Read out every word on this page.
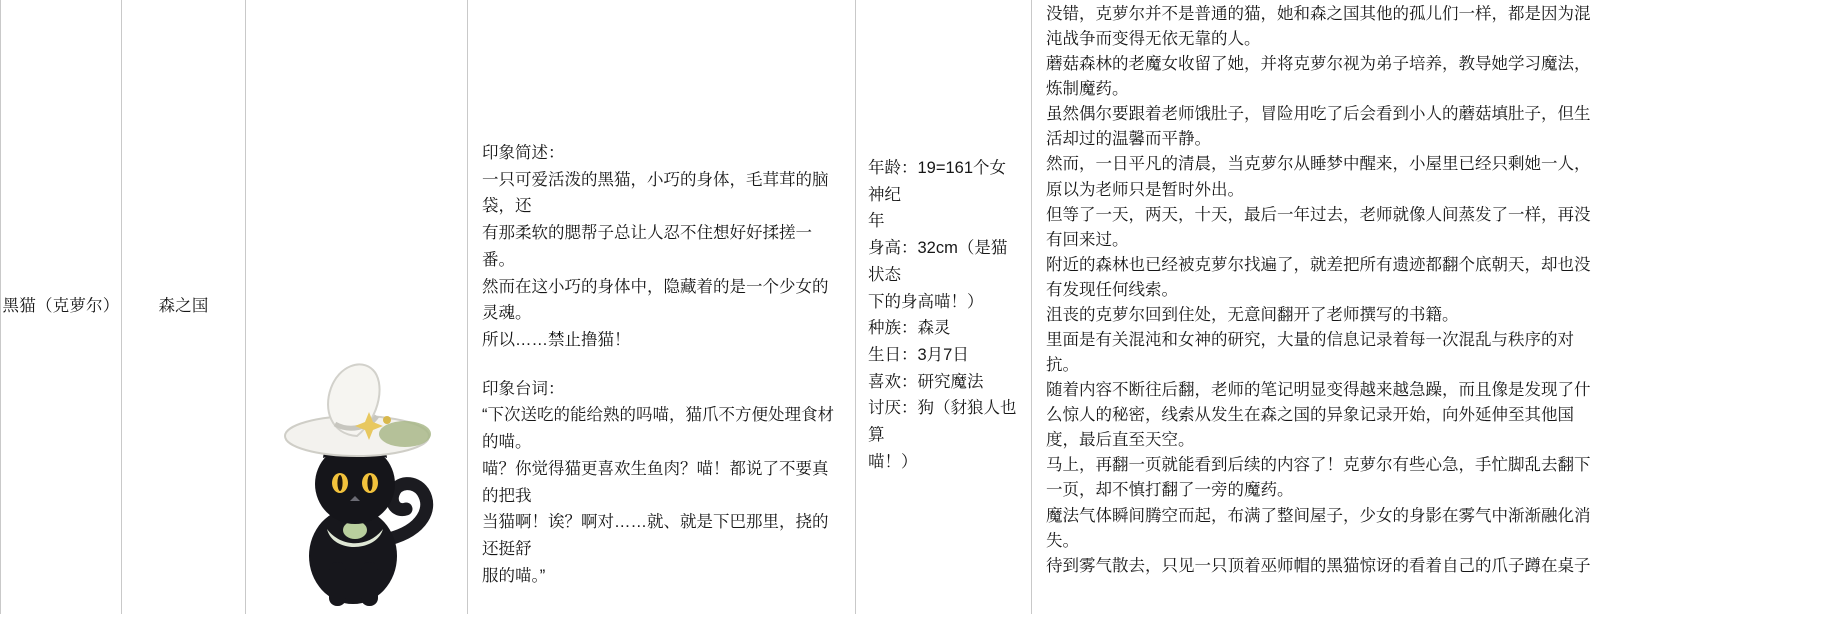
黑猫（克萝尔） 森之国

印象简述：

一只可爱活泼的黑猫，小巧的身体，毛茸茸的脑袋，还

有那柔软的腮帮子总让人忍不住想好好揉搓一番。

然而在这小巧的身体中，隐藏着的是一个少女的灵魂。

所以……禁止撸猫！

印象台词：

“下次送吃的能给熟的吗喵，猫爪不方便处理食材的喵。

喵？你觉得猫更喜欢生鱼肉？喵！都说了不要真的把我

当猫啊！诶？啊对……就、就是下巴那里，挠的还挺舒

服的喵。”

年龄：19=161个女神纪
年
身高：32cm（是猫状态
下的身高喵！）
种族：森灵
生日：3月7日
喜欢：研究魔法
讨厌：狗（豺狼人也算
喵！）

没错，克萝尔并不是普通的猫，她和森之国其他的孤儿们一样，都是因为混

沌战争而变得无依无靠的人。

蘑菇森林的老魔女收留了她，并将克萝尔视为弟子培养，教导她学习魔法，

炼制魔药。

虽然偶尔要跟着老师饿肚子，冒险用吃了后会看到小人的蘑菇填肚子，但生

活却过的温馨而平静。

然而，一日平凡的清晨，当克萝尔从睡梦中醒来，小屋里已经只剩她一人，

原以为老师只是暂时外出。

但等了一天，两天，十天，最后一年过去，老师就像人间蒸发了一样，再没

有回来过。

附近的森林也已经被克萝尔找遍了，就差把所有遗迹都翻个底朝天，却也没

有发现任何线索。

沮丧的克萝尔回到住处，无意间翻开了老师撰写的书籍。

里面是有关混沌和女神的研究，大量的信息记录着每一次混乱与秩序的对

抗。

随着内容不断往后翻，老师的笔记明显变得越来越急躁，而且像是发现了什

么惊人的秘密，线索从发生在森之国的异象记录开始，向外延伸至其他国

度，最后直至天空。

马上，再翻一页就能看到后续的内容了！克萝尔有些心急，手忙脚乱去翻下

一页，却不慎打翻了一旁的魔药。

魔法气体瞬间腾空而起，布满了整间屋子，少女的身影在雾气中渐渐融化消

失。

待到雾气散去，只见一只顶着巫师帽的黑猫惊讶的看着自己的爪子蹲在桌子
